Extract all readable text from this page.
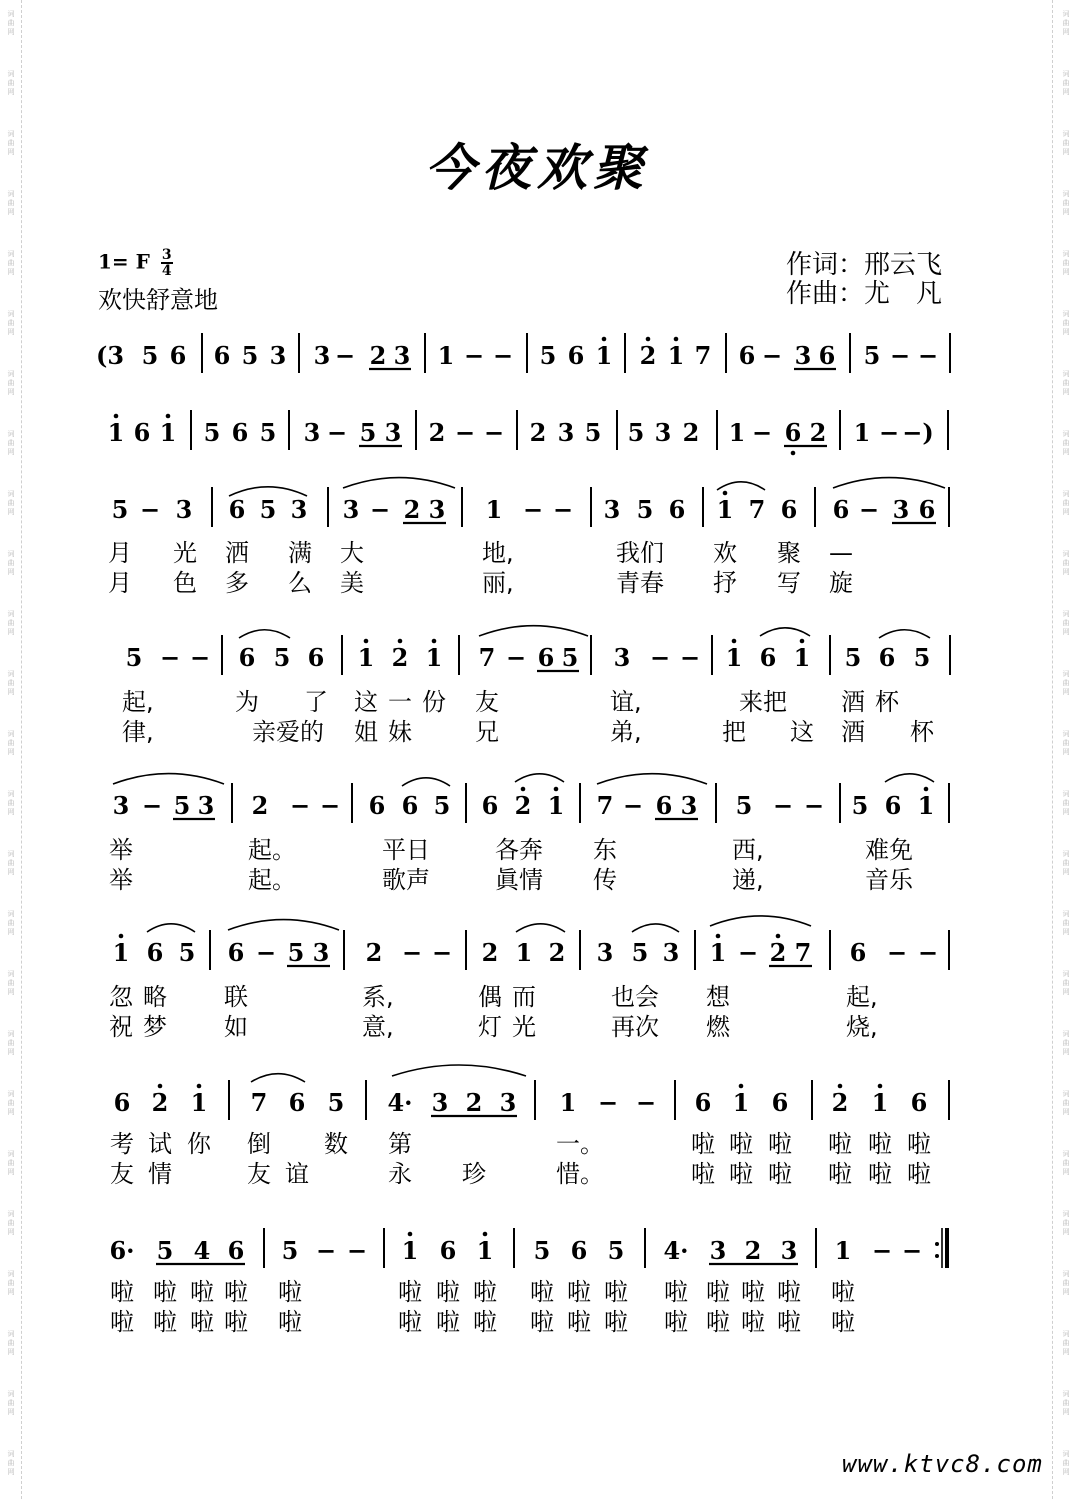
词
曲
网
词
曲
网
词
曲
网
词
曲
网
词
曲
网
词
曲
网
词
曲
网
词
曲
网
词
曲
网
词
曲
网
词
曲
网
词
曲
网
词
曲
网
词
曲
网
词
曲
网
词
曲
网
词
曲
网
词
曲
网
词
曲
网
词
曲
网
词
曲
网
词
曲
网
词
曲
网
词
曲
网
词
曲
网
词
曲
网
词
曲
网
词
曲
网
词
曲
网
词
曲
网
词
曲
网
词
曲
网
词
曲
网
词
曲
网
词
曲
网
词
曲
网
词
曲
网
词
曲
网
词
曲
网
词
曲
网
词
曲
网
词
曲
网
词
曲
网
词
曲
网
词
曲
网
词
曲
网
词
曲
网
词
曲
网
词
曲
网
词
曲
网
今夜欢聚
1= F $\frac{3}{4}$
欢快舒意地
作词：邢云飞
作曲：尤　凡
(3 5 6 6 5 3 3 − 2 3 1 − − 5 6 1 2 1 7 6 − 3 6 5 − −
1 6 1 5 6 5 3 − 5 3 2 − − 2 3 5 5 3 2 1 − 6 2 1 − −)
5 − 3 6 5 3 3 − 2 3 1 − − 3 5 6 1 7 6 6 − 3 6
月 光 洒 满 大	地,	我们 欢 聚 —
月 色 多 么 美	丽,	青春 抒 写 旋
5 − − 6 5 6 1 2 1 7 − 6 5 3 − − 1 6 1 5 6 5
起,	为 了 这 一 份 友	谊,	来把 酒 杯
律,	亲爱的 姐 妹	兄	弟,	把 这 酒 杯
3 − 5 3 2 − − 6 6 5 6 2 1 7 − 6 3 5 − − 5 6 1
举	起。	平日	各奔 东	西,	难免
举	起。	歌声	眞情 传	递,	音乐
1 6 5 6 − 5 3 2 − − 2 1 2 3 5 3 1 − 2 7 6 − −
忽 略 联	系,	偶 而	也会 想	起,
祝 梦 如	意,	灯 光	再次 燃	烧,
6 2 1 7 6 5 4· 3 2 3 1 − − 6 1 6 2 1 6
考 试 你 倒 数 第	一。	啦 啦 啦 啦 啦 啦
友 情	友 谊	永 珍	惜。	啦 啦 啦 啦 啦 啦
6· 5 4 6 5 − − 1 6 1 5 6 5 4· 3 2 3 1 − −
啦 啦 啦 啦 啦	啦 啦 啦 啦 啦 啦 啦 啦 啦 啦 啦
啦 啦 啦 啦 啦	啦 啦 啦 啦 啦 啦 啦 啦 啦 啦 啦
www.ktvc8.com
